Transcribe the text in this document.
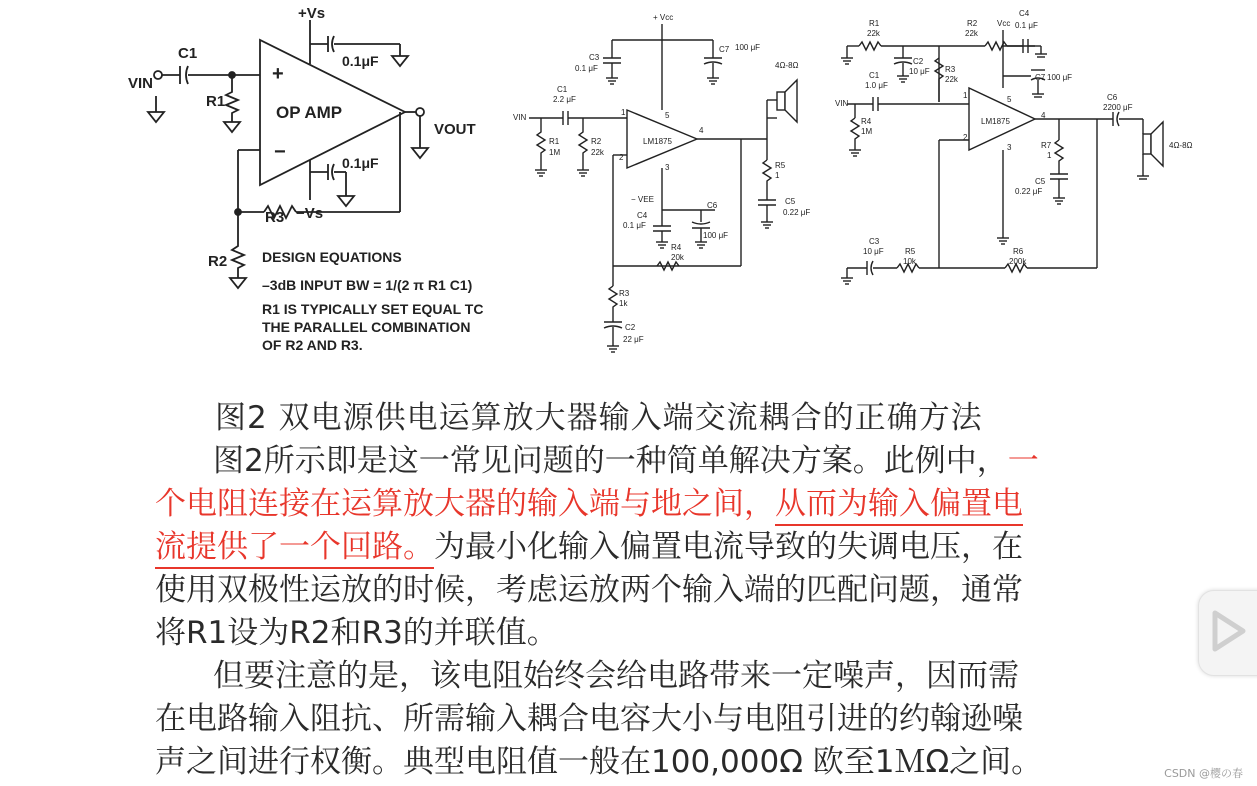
OP AMP
+
−
+Vs
−Vs
0.1μF
0.1μF
VIN
C1
R1
VOUT
R3
R2 DESIGN EQUATIONS
–3dB INPUT BW = 1/(2 π R1 C1)
R1 IS TYPICALLY SET EQUAL TC
THE PARALLEL COMBINATION
OF R2 AND R3.
+ Vcc
C3
0.1 μF
C7 100 μF
LM1875
1
2
3
4
5
VIN
C1
2.2 μF
R1
1M
R2
22k
R4
20k
R5
1
C5
0.22 μF
4Ω-8Ω
− VEE
C4
0.1 μF
C6
100 μF
R3
1k
C2
22 μF
R1
22k
R2
22k
Vcc
C4
0.1 μF
R3
22k
C2
10 μF
C7 100 μF
LM1875
1
2
3
4
5
VIN
C1
1.0 μF
R4
1M
C6
2200 μF
4Ω-8Ω
R7
1
C5
0.22 μF
C3
10 μF	R5
10k
R6
200k
图2 双电源供电运算放大器输入端交流耦合的正确方法
图2所示即是这一常见问题的一种简单解决方案。此例中，一
个电阻连接在运算放大器的输入端与地之间，从而为输入偏置电
流提供了一个回路。为最小化输入偏置电流导致的失调电压，在
使用双极性运放的时候，考虑运放两个输入端的匹配问题，通常
将R1设为R2和R3的并联值。
但要注意的是，该电阻始终会给电路带来一定噪声，因而需
在电路输入阻抗、所需输入耦合电容大小与电阻引进的约翰逊噪
声之间进行权衡。典型电阻值一般在100,000Ω 欧至1ＭΩ之间。	CSDN @樱の春
